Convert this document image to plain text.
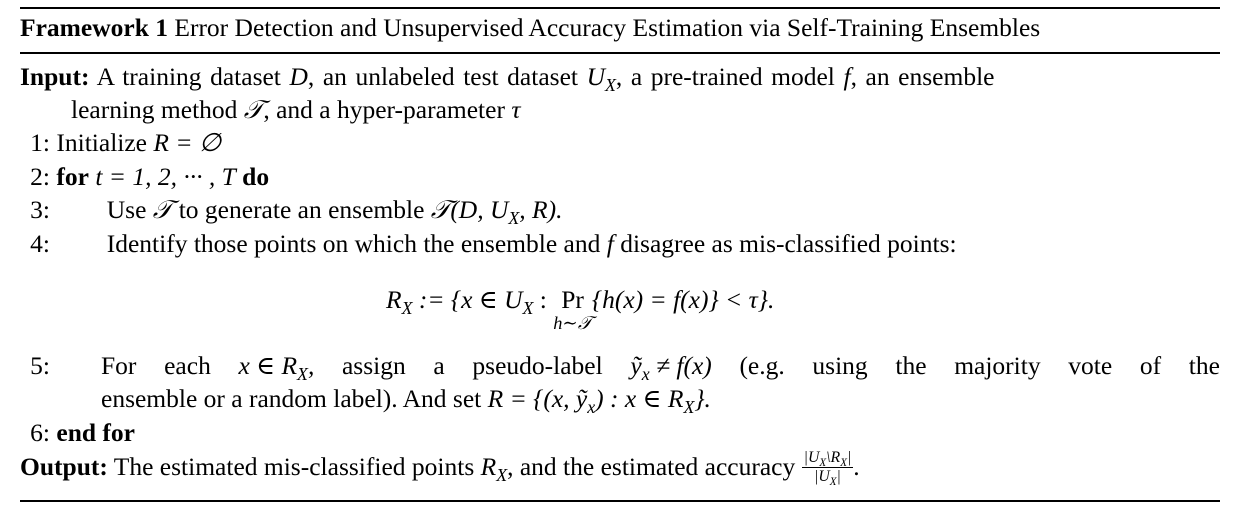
Framework 1 Error Detection and Unsupervised Accuracy Estimation via Self-Training Ensembles
Input: A training dataset D, an unlabeled test dataset $U_X$, a pre-trained model f, an ensemble
learning method 𝒯, and a hyper-parameter τ
1: Initialize R = ∅
2: for t = 1, 2, ··· , T do
3: Use 𝒯 to generate an ensemble 𝒯(D, $U_X$, R).
4: Identify those points on which the ensemble and f disagree as mis-classified points:
$R_X$ := {x ∈ $U_X$ : Pr
h∼𝒯
{h(x) = f(x)} < τ}.
5: For each x ∈ $R_X$, assign a pseudo-label ỹ$_x$ ≠ f(x) (e.g. using the majority vote of the
ensemble or a random label). And set R = {(x, ỹ$_x$) : x ∈ $R_X$}.
6: end for
Output: The estimated mis-classified points $R_X$, and the estimated accuracy $\frac{|U_X\backslash R_X|}{|U_X|}$ .
